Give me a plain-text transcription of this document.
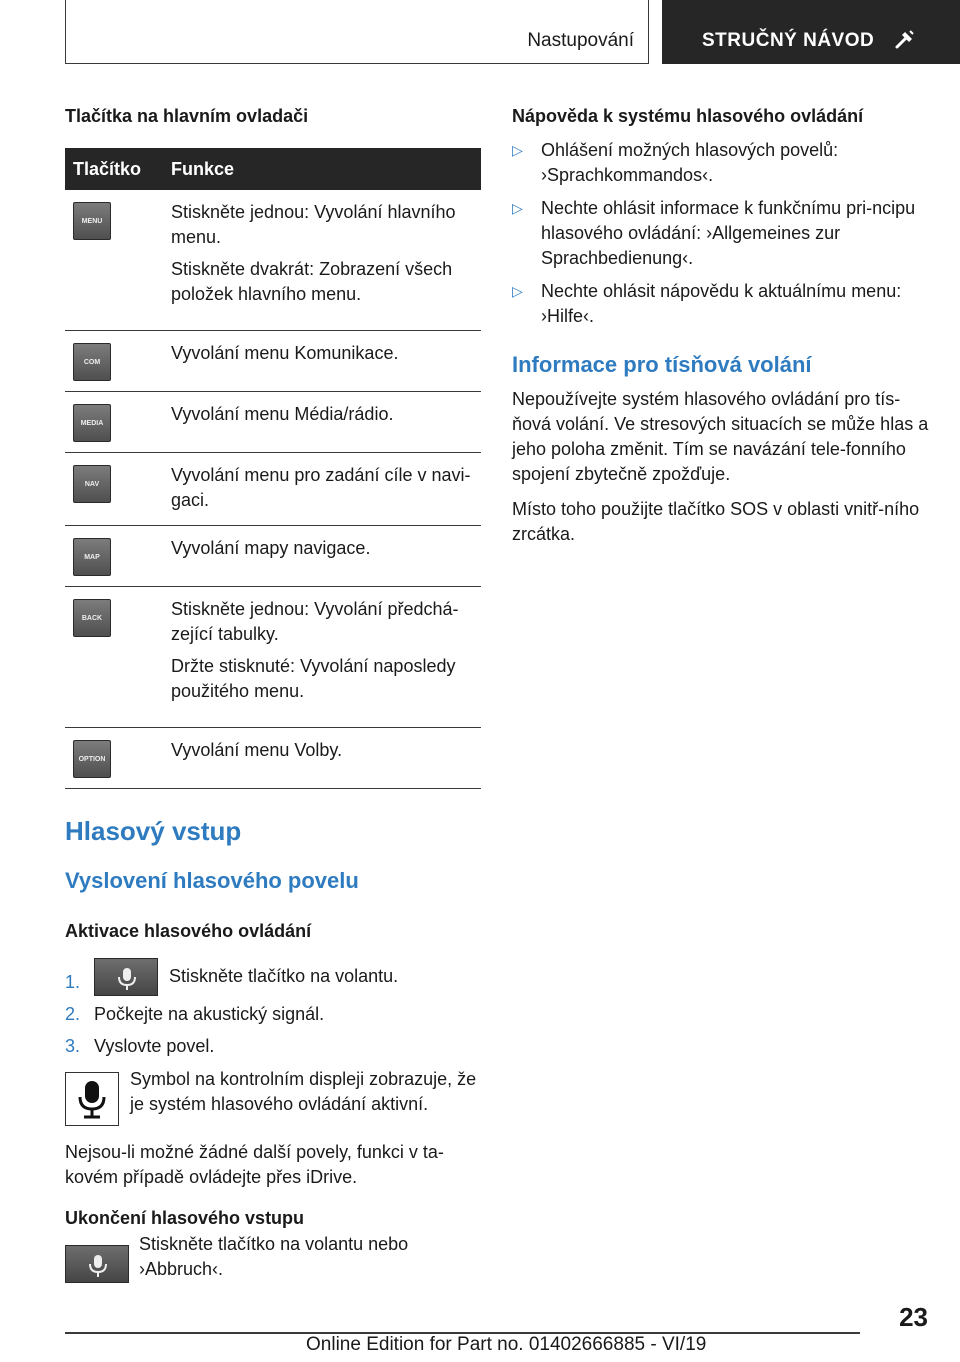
Nastupování	STRUČNÝ NÁVOD

Tlačítka na hlavním ovladači

Tlačítko	Funkce

MENU	Stiskněte jednou: Vyvolání hlavního menu.

Stiskněte dvakrát: Zobrazení všech položek hlavního menu.

COM	Vyvolání menu Komunikace.

MEDIA	Vyvolání menu Média/rádio.

NAV	Vyvolání menu pro zadání cíle v navi‐gaci.

MAP	Vyvolání mapy navigace.

BACK	Stiskněte jednou: Vyvolání předchá‐zející tabulky.

Držte stisknuté: Vyvolání naposledy použitého menu.

OPTION	Vyvolání menu Volby.

Hlasový vstup

Vyslovení hlasového povelu

Aktivace hlasového ovládání

1.	Stiskněte tlačítko na volantu.
2. Počkejte na akustický signál.
3. Vyslovte povel.

Symbol na kontrolním displeji zobrazuje, že je systém hlasového ovládání aktivní.

Nejsou-li možné žádné další povely, funkci v ta‐kovém případě ovládejte přes iDrive.

Ukončení hlasového vstupu

Stiskněte tlačítko na volantu nebo ›Abbruch‹.

Nápověda k systému hlasového ovládání

▷ Ohlášení možných hlasových povelů: ›Sprachkommandos‹.
▷ Nechte ohlásit informace k funkčnímu pri‐ncipu hlasového ovládání: ›Allgemeines zur Sprachbedienung‹.
▷ Nechte ohlásit nápovědu k aktuálnímu menu: ›Hilfe‹.

Informace pro tísňová volání

Nepoužívejte systém hlasového ovládání pro tís‐ňová volání. Ve stresových situacích se může hlas a jeho poloha změnit. Tím se navázání tele‐fonního spojení zbytečně zpožďuje.

Místo toho použijte tlačítko SOS v oblasti vnitř‐ního zrcátka.

23
Online Edition for Part no. 01402666885 - VI/19
